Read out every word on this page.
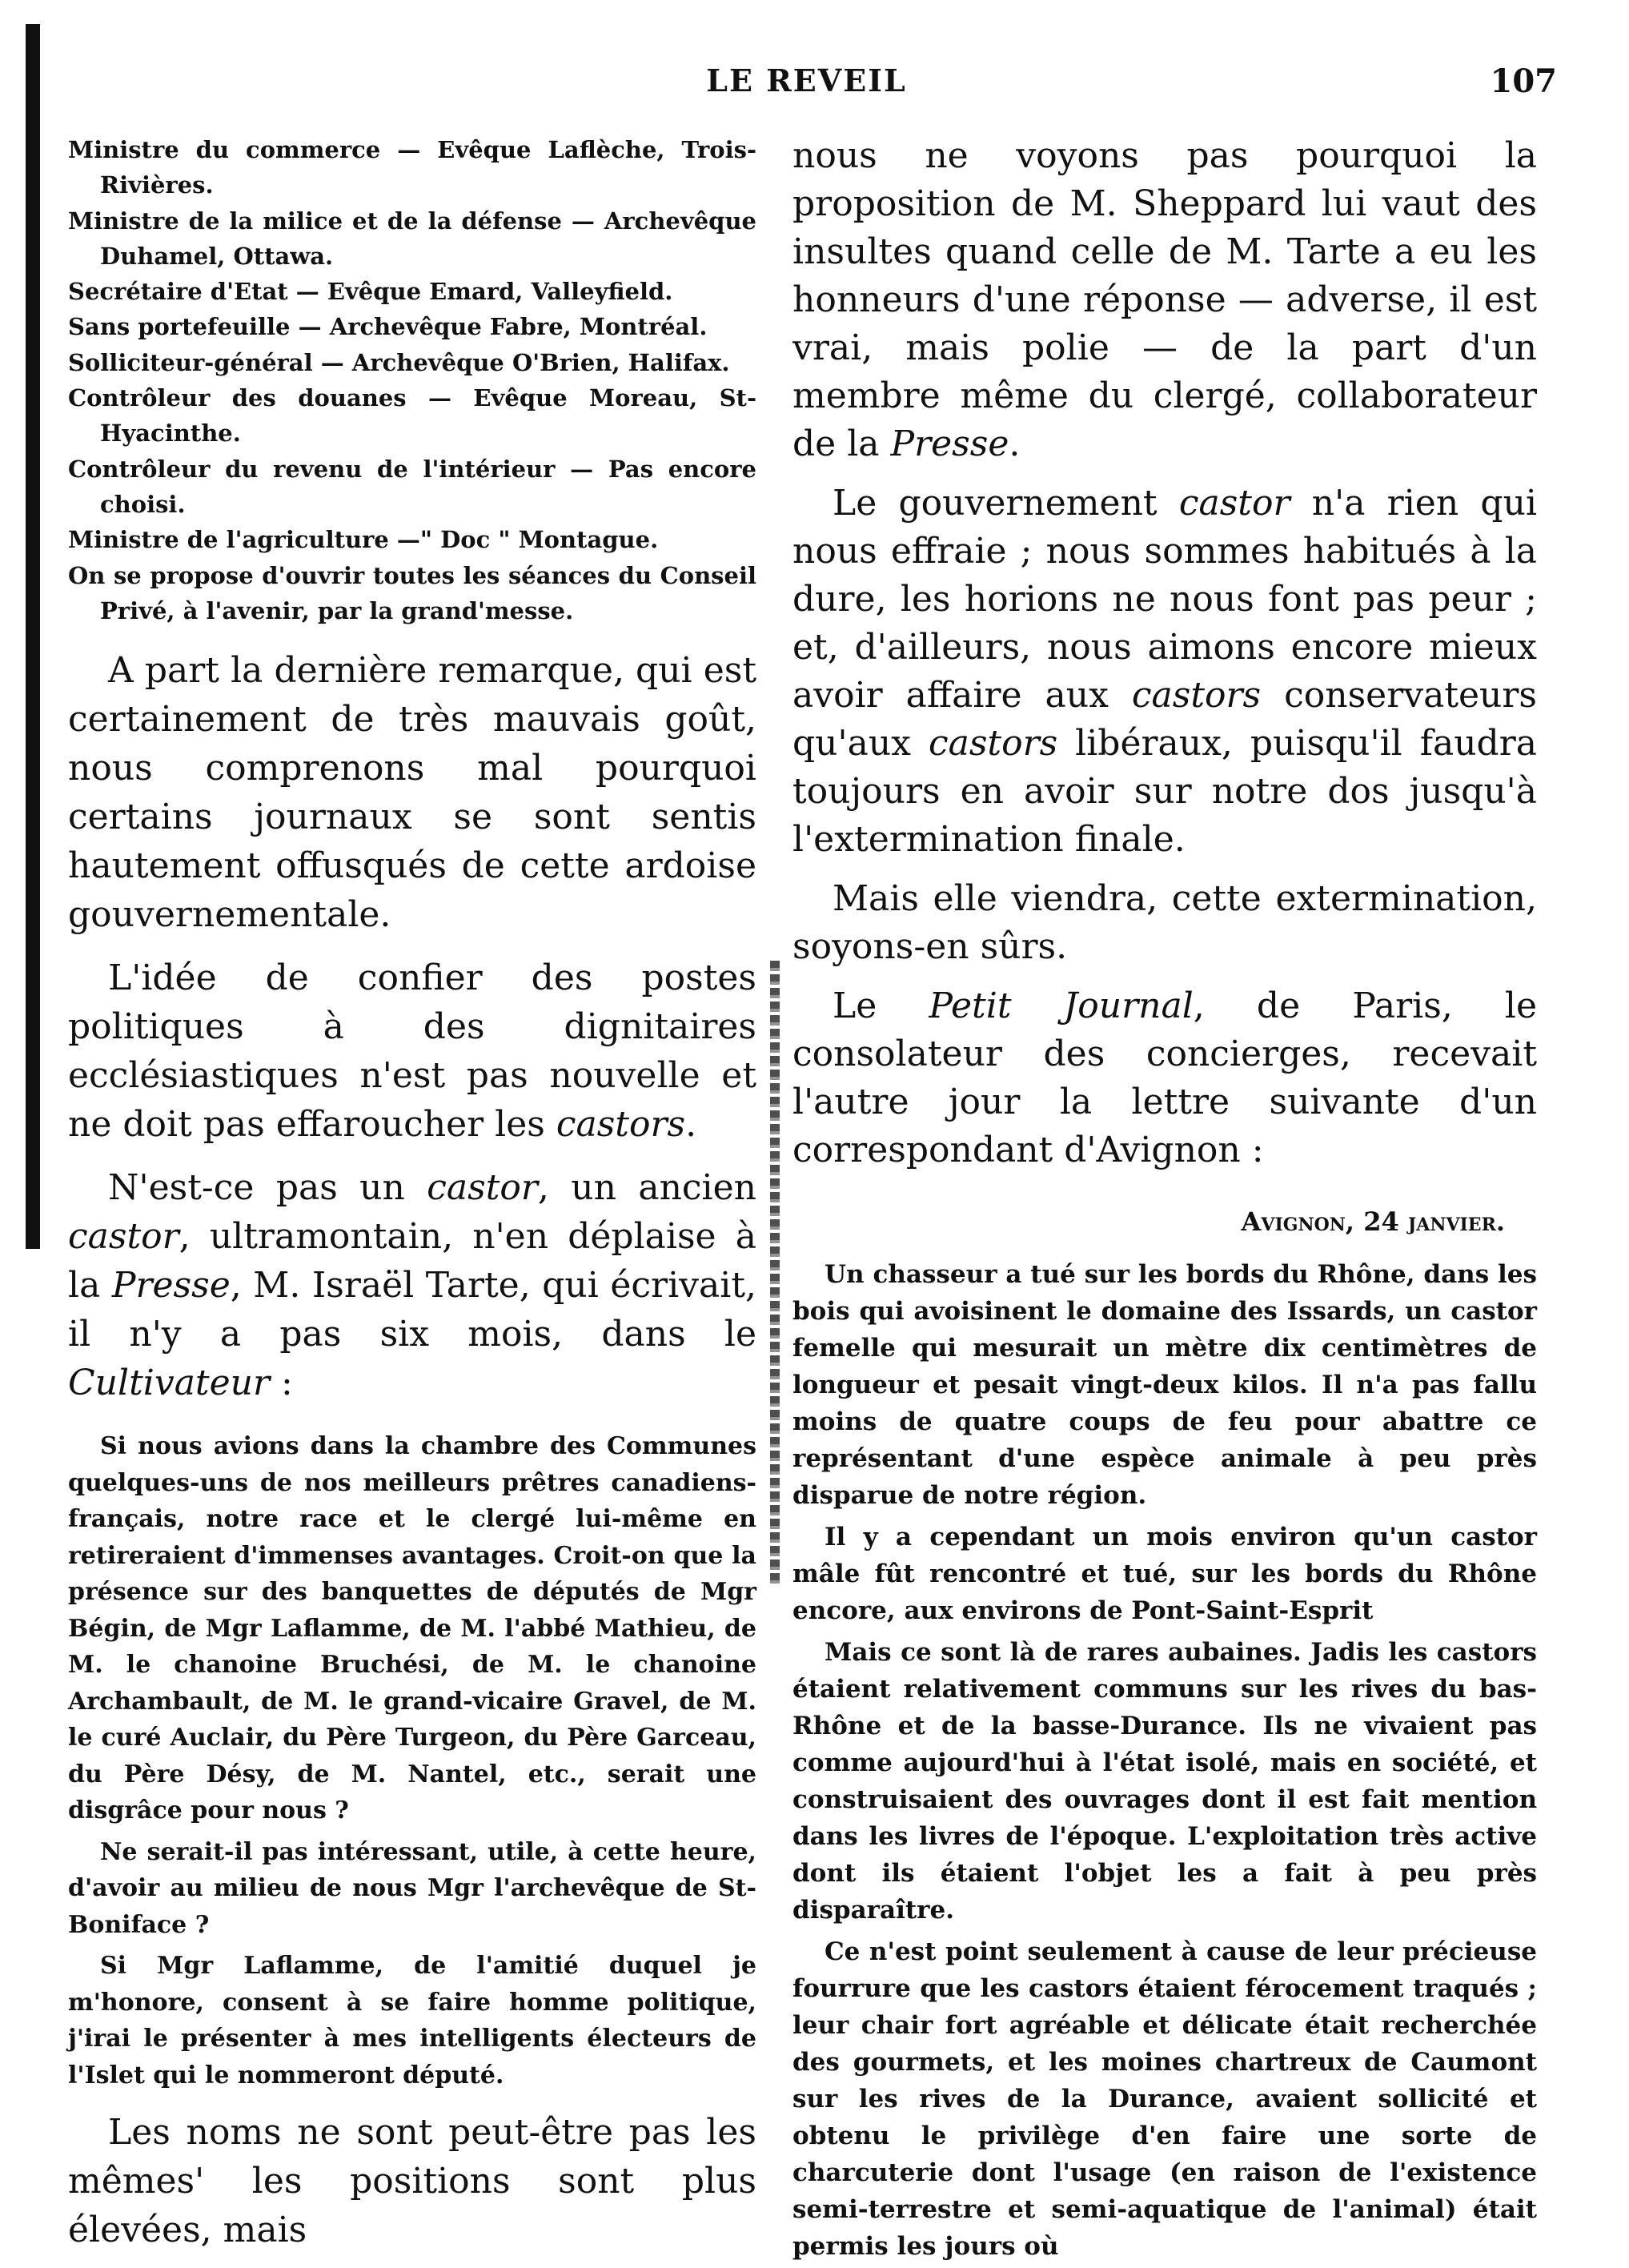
LE REVEIL	107

Ministre du commerce — Evêque Laflèche, Trois-Rivières.

Ministre de la milice et de la défense — Archevêque Duhamel, Ottawa.

Secrétaire d'Etat — Evêque Emard, Valleyfield.

Sans portefeuille — Archevêque Fabre, Montréal.

Solliciteur-général — Archevêque O'Brien, Halifax.

Contrôleur des douanes — Evêque Moreau, St-Hyacinthe.

Contrôleur du revenu de l'intérieur — Pas encore choisi.

Ministre de l'agriculture —" Doc " Montague.

On se propose d'ouvrir toutes les séances du Conseil Privé, à l'avenir, par la grand'messe.

A part la dernière remarque, qui est certainement de très mauvais goût, nous comprenons mal pourquoi certains journaux se sont sentis hautement offusqués de cette ardoise gouvernementale.

L'idée de confier des postes politiques à des dignitaires ecclésiastiques n'est pas nouvelle et ne doit pas effaroucher les castors.

N'est-ce pas un castor, un ancien castor, ultramontain, n'en déplaise à la Presse, M. Israël Tarte, qui écrivait, il n'y a pas six mois, dans le Cultivateur :

Si nous avions dans la chambre des Communes quelques-uns de nos meilleurs prêtres canadiens-français, notre race et le clergé lui-même en retireraient d'immenses avantages. Croit-on que la présence sur des banquettes de députés de Mgr Bégin, de Mgr Laflamme, de M. l'abbé Mathieu, de M. le chanoine Bruchési, de M. le chanoine Archambault, de M. le grand-vicaire Gravel, de M. le curé Auclair, du Père Turgeon, du Père Garceau, du Père Désy, de M. Nantel, etc., serait une disgrâce pour nous ?

Ne serait-il pas intéressant, utile, à cette heure, d'avoir au milieu de nous Mgr l'archevêque de St-Boniface ?

Si Mgr Laflamme, de l'amitié duquel je m'honore, consent à se faire homme politique, j'irai le présenter à mes intelligents électeurs de l'Islet qui le nommeront député.

Les noms ne sont peut-être pas les mêmes' les positions sont plus élevées, mais

nous ne voyons pas pourquoi la proposition de M. Sheppard lui vaut des insultes quand celle de M. Tarte a eu les honneurs d'une réponse — adverse, il est vrai, mais polie — de la part d'un membre même du clergé, collaborateur de la Presse.

Le gouvernement castor n'a rien qui nous effraie ; nous sommes habitués à la dure, les horions ne nous font pas peur ; et, d'ailleurs, nous aimons encore mieux avoir affaire aux castors conservateurs qu'aux castors libéraux, puisqu'il faudra toujours en avoir sur notre dos jusqu'à l'extermination finale.

Mais elle viendra, cette extermination, soyons-en sûrs.

Le Petit Journal, de Paris, le consolateur des concierges, recevait l'autre jour la lettre suivante d'un correspondant d'Avignon :

Avignon, 24 janvier.

Un chasseur a tué sur les bords du Rhône, dans les bois qui avoisinent le domaine des Issards, un castor femelle qui mesurait un mètre dix centimètres de longueur et pesait vingt-deux kilos. Il n'a pas fallu moins de quatre coups de feu pour abattre ce représentant d'une espèce animale à peu près disparue de notre région.

Il y a cependant un mois environ qu'un castor mâle fût rencontré et tué, sur les bords du Rhône encore, aux environs de Pont-Saint-Esprit

Mais ce sont là de rares aubaines. Jadis les castors étaient relativement communs sur les rives du bas-Rhône et de la basse-Durance. Ils ne vivaient pas comme aujourd'hui à l'état isolé, mais en société, et construisaient des ouvrages dont il est fait mention dans les livres de l'époque. L'exploitation très active dont ils étaient l'objet les a fait à peu près disparaître.

Ce n'est point seulement à cause de leur précieuse fourrure que les castors étaient férocement traqués ; leur chair fort agréable et délicate était recherchée des gourmets, et les moines chartreux de Caumont sur les rives de la Durance, avaient sollicité et obtenu le privilège d'en faire une sorte de charcuterie dont l'usage (en raison de l'existence semi-terrestre et semi-aquatique de l'animal) était permis les jours où
